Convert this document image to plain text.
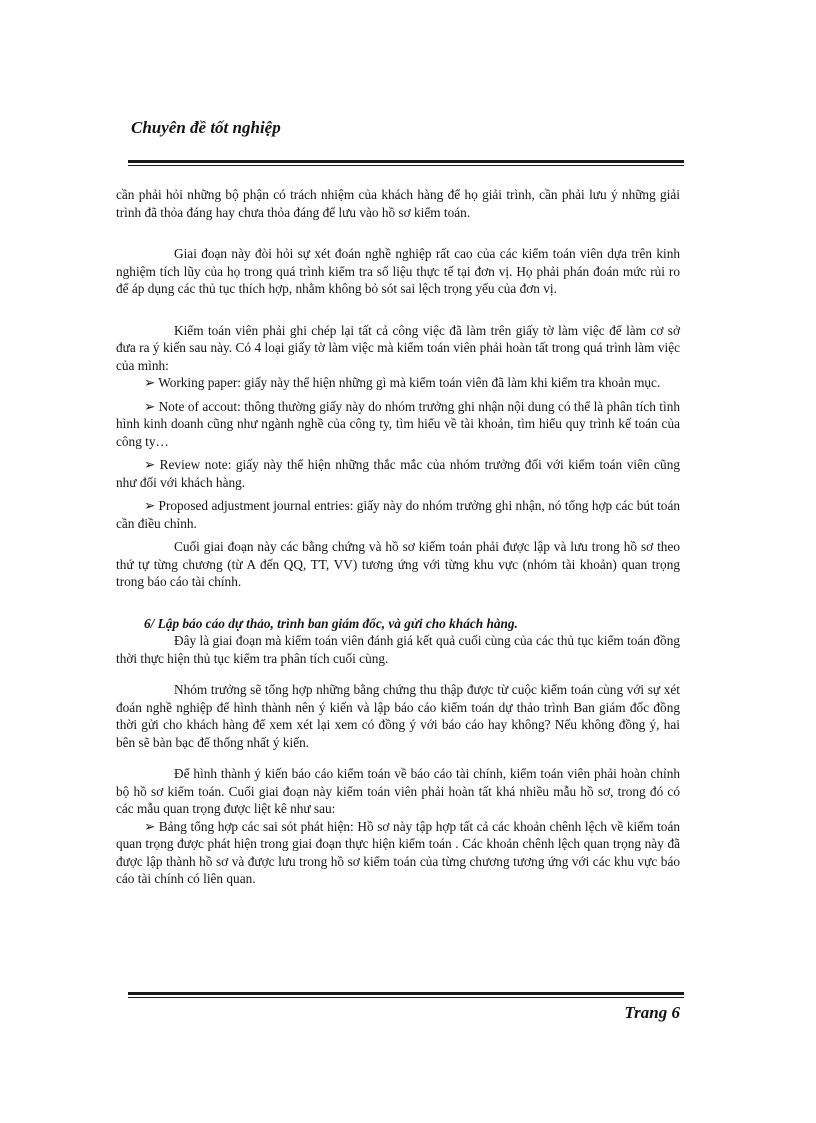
Chuyên đề tốt nghiệp

cần phải hỏi những bộ phận có trách nhiệm của khách hàng để họ giải trình, cần phải lưu ý những giải trình đã thỏa đáng hay chưa thỏa đáng để lưu vào hồ sơ kiểm toán.

Giai đoạn này đòi hỏi sự xét đoán nghề nghiệp rất cao của các kiểm toán viên dựa trên kinh nghiệm tích lũy của họ trong quá trình kiểm tra số liệu thực tế tại đơn vị. Họ phải phán đoán mức rủi ro để áp dụng các thủ tục thích hợp, nhằm không bỏ sót sai lệch trọng yếu của đơn vị.

Kiểm toán viên phải ghi chép lại tất cả công việc đã làm trên giấy tờ làm việc để làm cơ sở đưa ra ý kiến sau này. Có 4 loại giấy tờ làm việc mà kiểm toán viên phải hoàn tất trong quá trình làm việc của mình:

➢ Working paper: giấy này thể hiện những gì mà kiểm toán viên đã làm khi kiểm tra khoản mục.

➢ Note of accout: thông thường giấy này do nhóm trưởng ghi nhận nội dung có thể là phân tích tình hình kinh doanh cũng như ngành nghề của công ty, tìm hiểu về tài khoản, tìm hiểu quy trình kế toán của công ty…

➢ Review note: giấy này thể hiện những thắc mắc của nhóm trưởng đối với kiểm toán viên cũng như đối với khách hàng.

➢ Proposed adjustment journal entries: giấy này do nhóm trưởng ghi nhận, nó tổng hợp các bút toán cần điều chỉnh.

Cuối giai đoạn này các bằng chứng và hồ sơ kiểm toán phải được lập và lưu trong hồ sơ theo thứ tự từng chương (từ A đến QQ, TT, VV) tương ứng với từng khu vực (nhóm tài khoản) quan trọng trong báo cáo tài chính.

6/ Lập báo cáo dự thảo, trình ban giám đốc, và gửi cho khách hàng.

Đây là giai đoạn mà kiểm toán viên đánh giá kết quả cuối cùng của các thủ tục kiểm toán đồng thời thực hiện thủ tục kiểm tra phân tích cuối cùng.

Nhóm trưởng sẽ tổng hợp những bằng chứng thu thập được từ cuộc kiểm toán cùng với sự xét đoán nghề nghiệp để hình thành nên ý kiến và lập báo cáo kiểm toán dự thảo trình Ban giám đốc đồng thời gửi cho khách hàng để xem xét lại xem có đồng ý với báo cáo hay không? Nếu không đồng ý, hai bên sẽ bàn bạc để thống nhất ý kiến.

Để hình thành ý kiến báo cáo kiểm toán về báo cáo tài chính, kiểm toán viên phải hoàn chỉnh bộ hồ sơ kiểm toán. Cuối giai đoạn này kiểm toán viên phải hoàn tất khá nhiều mẫu hồ sơ, trong đó có các mẫu quan trọng được liệt kê như sau:

➢ Bảng tổng hợp các sai sót phát hiện: Hồ sơ này tập hợp tất cả các khoản chênh lệch về kiểm toán quan trọng được phát hiện trong giai đoạn thực hiện kiểm toán . Các khoản chênh lệch quan trọng này đã được lập thành hồ sơ và được lưu trong hồ sơ kiểm toán của từng chương tương ứng với các khu vực báo cáo tài chính có liên quan.

Trang 6
